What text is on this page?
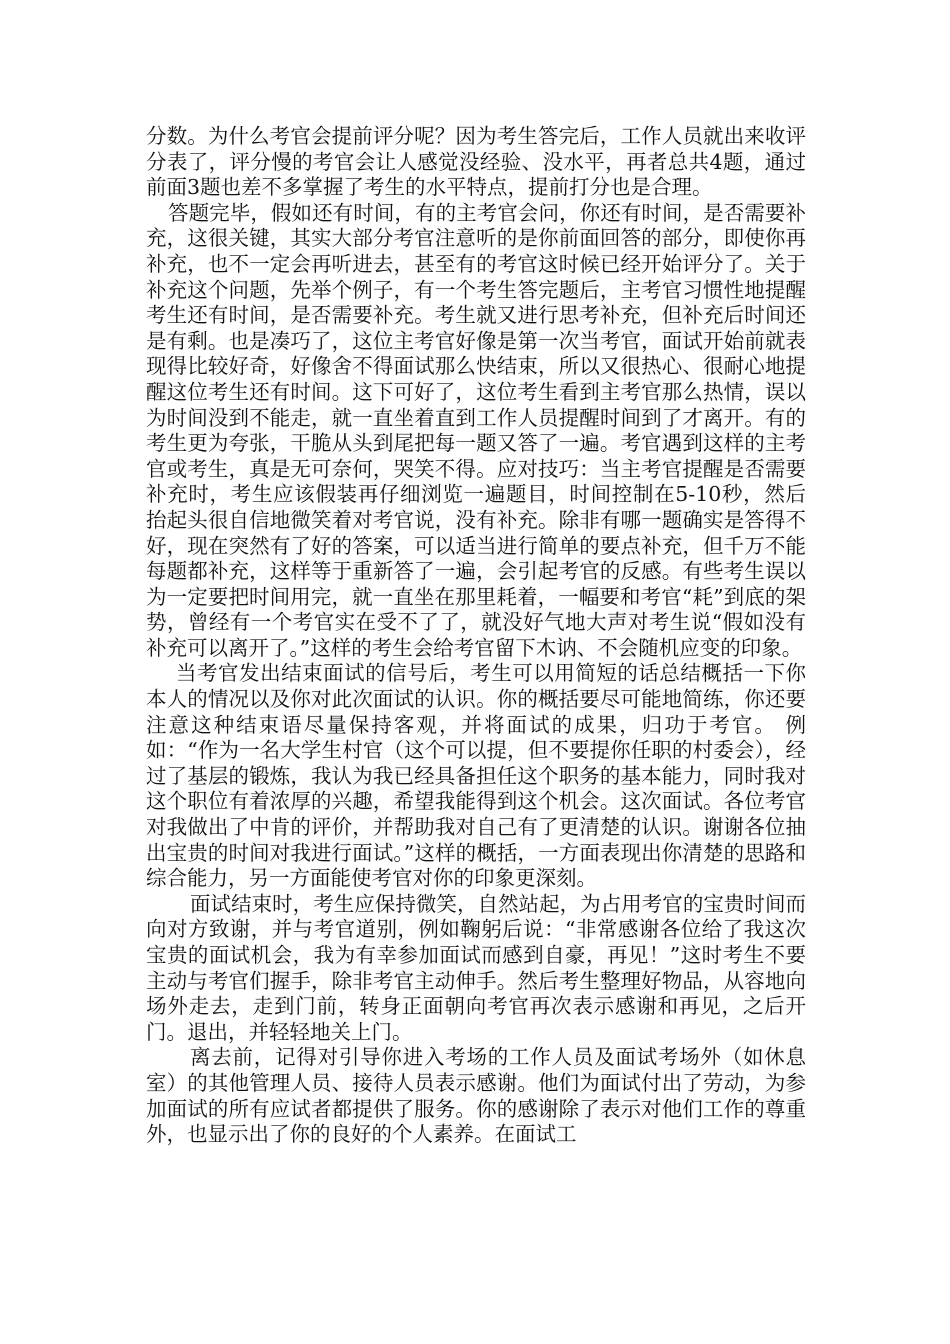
分数。为什么考官会提前评分呢？因为考生答完后，工作人员就出来收评分表了，评分慢的考官会让人感觉没经验、没水平，再者总共4题，通过前面3题也差不多掌握了考生的水平特点，提前打分也是合理。

答题完毕，假如还有时间，有的主考官会问，你还有时间，是否需要补充，这很关键，其实大部分考官注意听的是你前面回答的部分，即使你再补充，也不一定会再听进去，甚至有的考官这时候已经开始评分了。关于补充这个问题，先举个例子，有一个考生答完题后，主考官习惯性地提醒考生还有时间，是否需要补充。考生就又进行思考补充，但补充后时间还是有剩。也是凑巧了，这位主考官好像是第一次当考官，面试开始前就表现得比较好奇，好像舍不得面试那么快结束，所以又很热心、很耐心地提醒这位考生还有时间。这下可好了，这位考生看到主考官那么热情，误以为时间没到不能走，就一直坐着直到工作人员提醒时间到了才离开。有的考生更为夸张，干脆从头到尾把每一题又答了一遍。考官遇到这样的主考官或考生，真是无可奈何，哭笑不得。应对技巧：当主考官提醒是否需要补充时，考生应该假装再仔细浏览一遍题目，时间控制在5-10秒，然后抬起头很自信地微笑着对考官说，没有补充。除非有哪一题确实是答得不好，现在突然有了好的答案，可以适当进行简单的要点补充，但千万不能每题都补充，这样等于重新答了一遍，会引起考官的反感。有些考生误以为一定要把时间用完，就一直坐在那里耗着，一幅要和考官“耗”到底的架势，曾经有一个考官实在受不了了，就没好气地大声对考生说“假如没有补充可以离开了。”这样的考生会给考官留下木讷、不会随机应变的印象。

当考官发出结束面试的信号后，考生可以用简短的话总结概括一下你本人的情况以及你对此次面试的认识。你的概括要尽可能地简练，你还要注意这种结束语尽量保持客观，并将面试的成果，归功于考官。 例如：“作为一名大学生村官（这个可以提，但不要提你任职的村委会），经过了基层的锻炼，我认为我已经具备担任这个职务的基本能力，同时我对这个职位有着浓厚的兴趣，希望我能得到这个机会。这次面试。各位考官对我做出了中肯的评价，并帮助我对自己有了更清楚的认识。谢谢各位抽出宝贵的时间对我进行面试。”这样的概括，一方面表现出你清楚的思路和综合能力，另一方面能使考官对你的印象更深刻。

面试结束时，考生应保持微笑，自然站起，为占用考官的宝贵时间而向对方致谢，并与考官道别，例如鞠躬后说：“非常感谢各位给了我这次宝贵的面试机会，我为有幸参加面试而感到自豪，再见！”这时考生不要主动与考官们握手，除非考官主动伸手。然后考生整理好物品，从容地向场外走去，走到门前，转身正面朝向考官再次表示感谢和再见，之后开门。退出，并轻轻地关上门。

离去前，记得对引导你进入考场的工作人员及面试考场外（如休息室）的其他管理人员、接待人员表示感谢。他们为面试付出了劳动，为参加面试的所有应试者都提供了服务。你的感谢除了表示对他们工作的尊重外，也显示出了你的良好的个人素养。在面试工
